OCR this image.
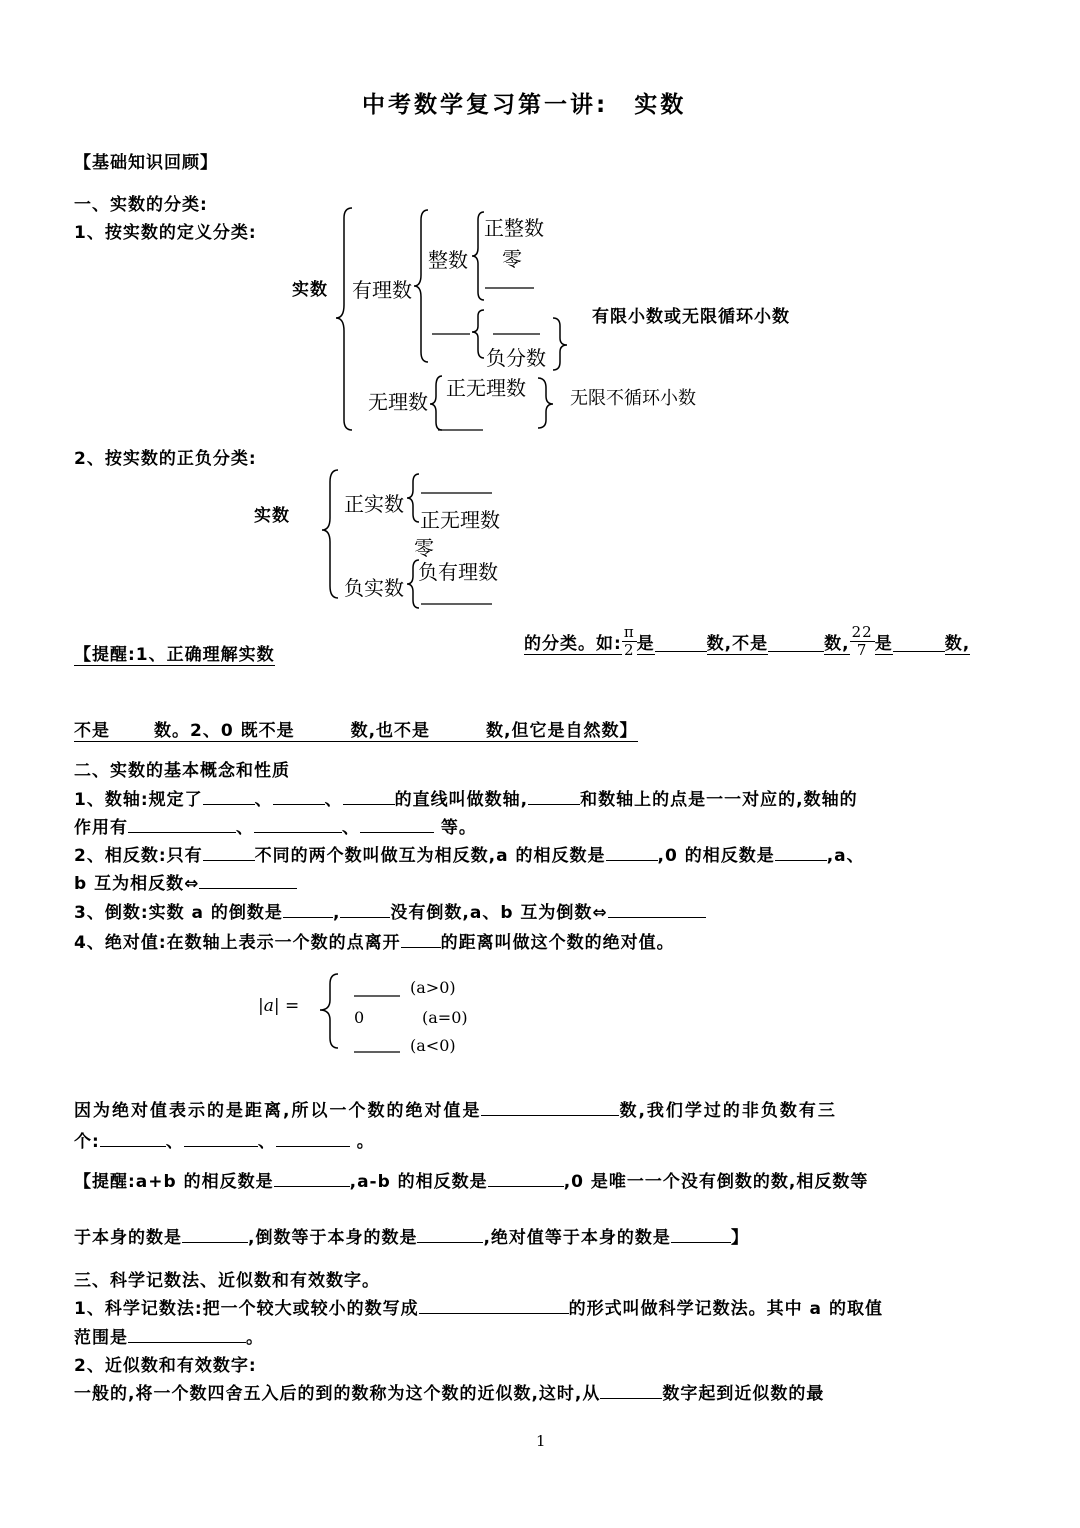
中考数学复习第一讲:　实数
【基础知识回顾】
一、实数的分类:
1、按实数的定义分类:
实数 有理数
整数
正整数
零
负分数
有限小数或无限循环小数
无理数
正无理数 无限不循环小数
2、按实数的正负分类:
实数	正实数
正无理数
零
负有理数
负实数
【提醒:1、正确理解实数
的分类。如: $\frac{\pi}{2}$ 是
	数, 不是
	数, $\frac{22}{7}$ 是
	数,
不是	数。2、0 既不是	数,也不是	数,但它是自然数】
二、实数的基本概念和性质
1、数轴:规定了	、	、	的直线叫做数轴,	和数轴上的点是一一对应的,数轴的
作用有	、	、	等。
2、相反数:只有	不同的两个数叫做互为相反数,a 的相反数是	,0 的相反数是	,a、
b 互为相反数⇔
3、倒数:实数 a 的倒数是	,	没有倒数,a、b 互为倒数⇔
4、绝对值:在数轴上表示一个数的点离开 的距离叫做这个数的绝对值。
|a| =
(a>0)
0	(a=0)
(a<0)
因为绝对值表示的是距离,所以一个数的绝对值是	数,我们学过的非负数有三
个:	、	、	。
【提醒:a+b 的相反数是	,a-b 的相反数是	,0 是唯一一个没有倒数的数,相反数等
于本身的数是	,倒数等于本身的数是	,绝对值等于本身的数是	】
三、科学记数法、近似数和有效数字。
1、科学记数法:把一个较大或较小的数写成	的形式叫做科学记数法。其中 a 的取值
范围是	。
2、近似数和有效数字:
一般的,将一个数四舍五入后的到的数称为这个数的近似数,这时,从	数字起到近似数的最
1
